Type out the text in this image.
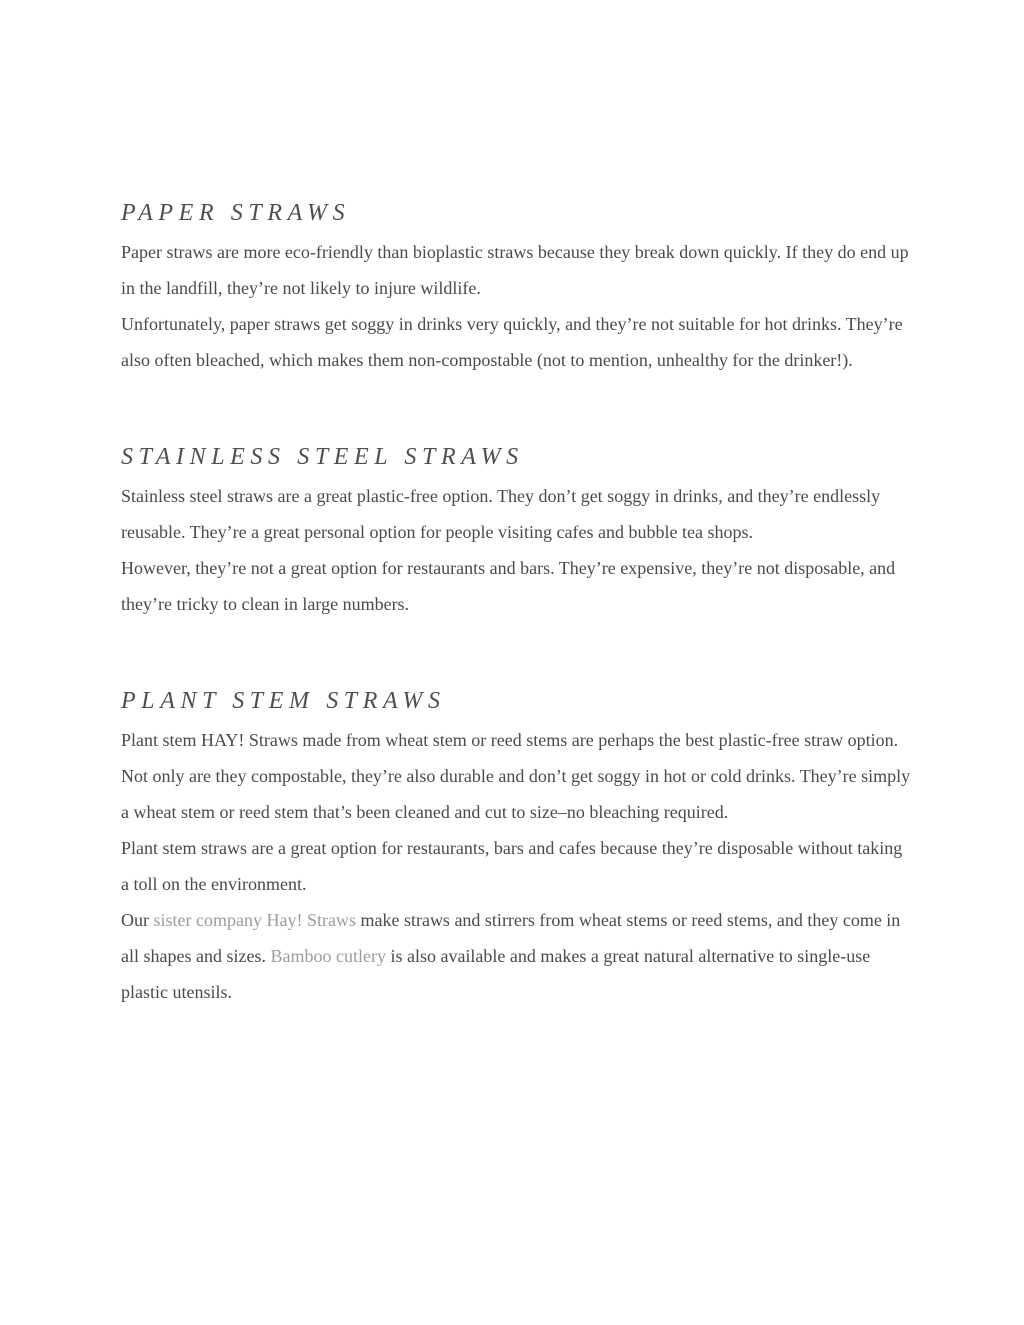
PAPER STRAWS

Paper straws are more eco-friendly than bioplastic straws because they break down quickly. If they do end up in the landfill, they’re not likely to injure wildlife.

Unfortunately, paper straws get soggy in drinks very quickly, and they’re not suitable for hot drinks. They’re also often bleached, which makes them non-compostable (not to mention, unhealthy for the drinker!).

STAINLESS STEEL STRAWS

Stainless steel straws are a great plastic-free option. They don’t get soggy in drinks, and they’re endlessly reusable. They’re a great personal option for people visiting cafes and bubble tea shops.

However, they’re not a great option for restaurants and bars. They’re expensive, they’re not disposable, and they’re tricky to clean in large numbers.

PLANT STEM STRAWS

Plant stem HAY! Straws made from wheat stem or reed stems are perhaps the best plastic-free straw option.

Not only are they compostable, they’re also durable and don’t get soggy in hot or cold drinks. They’re simply a wheat stem or reed stem that’s been cleaned and cut to size–no bleaching required.

Plant stem straws are a great option for restaurants, bars and cafes because they’re disposable without taking a toll on the environment.

Our sister company Hay! Straws make straws and stirrers from wheat stems or reed stems, and they come in all shapes and sizes. Bamboo cutlery is also available and makes a great natural alternative to single-use plastic utensils.
